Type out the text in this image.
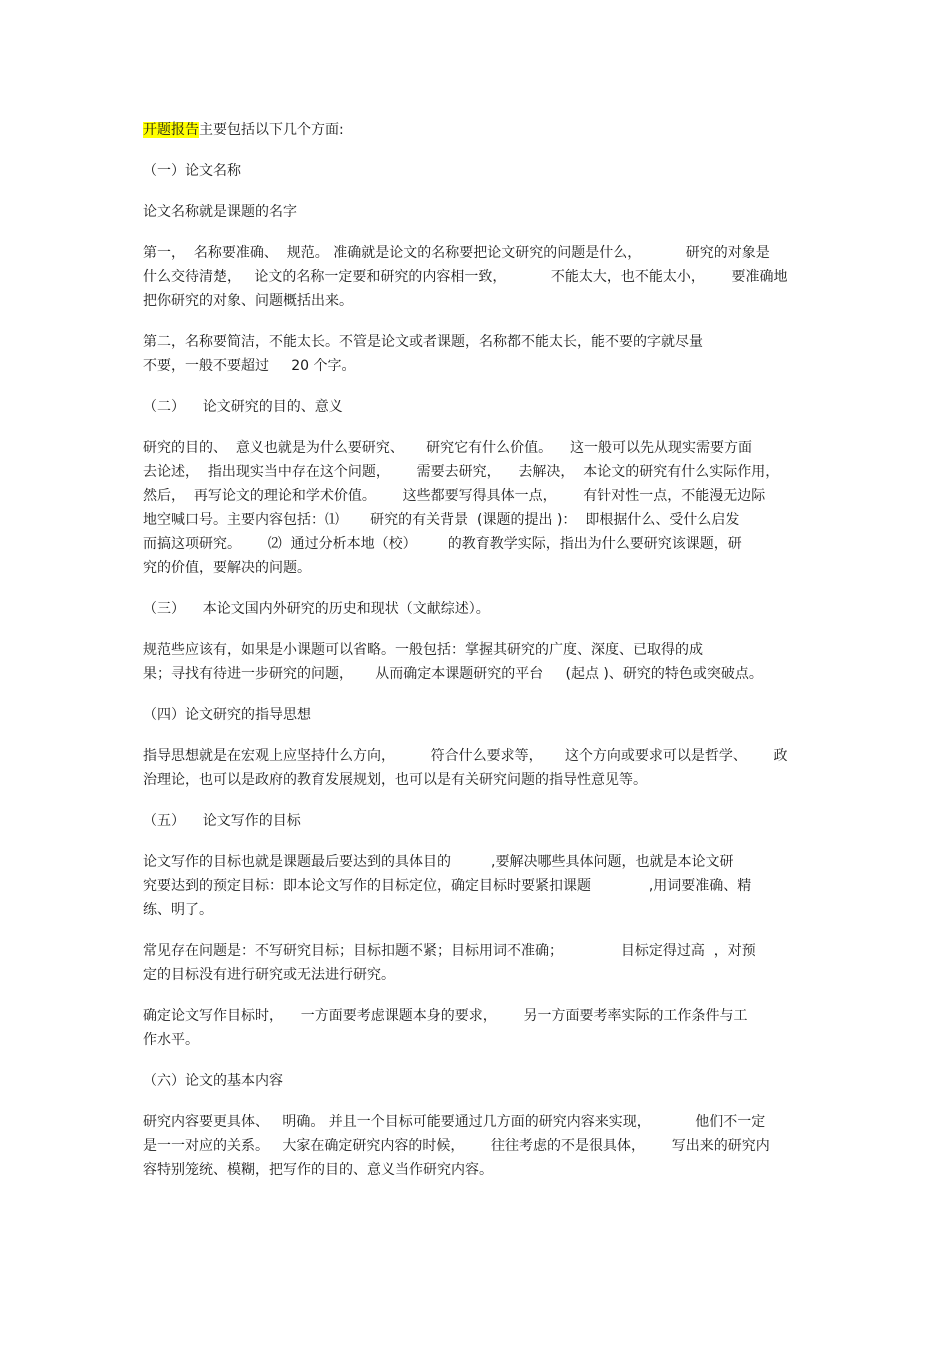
开题报告主要包括以下几个方面:
（一）论文名称
论文名称就是课题的名字
第一，  名称要准确、  规范。 准确就是论文的名称要把论文研究的问题是什么，          研究的对象是
什么交待清楚，   论文的名称一定要和研究的内容相一致，          不能太大，也不能太小，      要准确地
把你研究的对象、问题概括出来。
第二，名称要简洁，不能太长。不管是论文或者课题，名称都不能太长，能不要的字就尽量
不要，一般不要超过     20 个字。
（二）    论文研究的目的、意义
研究的目的、  意义也就是为什么要研究、     研究它有什么价值。    这一般可以先从现实需要方面
去论述，  指出现实当中存在这个问题，      需要去研究，    去解决，  本论文的研究有什么实际作用，
然后，  再写论文的理论和学术价值。      这些都要写得具体一点，      有针对性一点，不能漫无边际
地空喊口号。主要内容包括：⑴       研究的有关背景  (课题的提出 )：  即根据什么、受什么启发
而搞这项研究。      ⑵  通过分析本地（校）       的教育教学实际，指出为什么要研究该课题，研
究的价值，要解决的问题。
（三）    本论文国内外研究的历史和现状（文献综述）。
规范些应该有，如果是小课题可以省略。一般包括：掌握其研究的广度、深度、已取得的成
果；寻找有待进一步研究的问题，     从而确定本课题研究的平台     (起点 )、研究的特色或突破点。
（四）论文研究的指导思想
指导思想就是在宏观上应坚持什么方向，        符合什么要求等，     这个方向或要求可以是哲学、      政
治理论，也可以是政府的教育发展规划，也可以是有关研究问题的指导性意见等。
（五）    论文写作的目标
论文写作的目标也就是课题最后要达到的具体目的         ,要解决哪些具体问题，也就是本论文研
究要达到的预定目标：即本论文写作的目标定位，确定目标时要紧扣课题             ,用词要准确、精
练、明了。
常见存在问题是：不写研究目标；目标扣题不紧；目标用词不准确；             目标定得过高  ，对预
定的目标没有进行研究或无法进行研究。
确定论文写作目标时，    一方面要考虑课题本身的要求，      另一方面要考率实际的工作条件与工
作水平。
（六）论文的基本内容
研究内容要更具体、   明确。 并且一个目标可能要通过几方面的研究内容来实现，          他们不一定
是一一对应的关系。   大家在确定研究内容的时候，      往往考虑的不是很具体，      写出来的研究内
容特别笼统、模糊，把写作的目的、意义当作研究内容。
